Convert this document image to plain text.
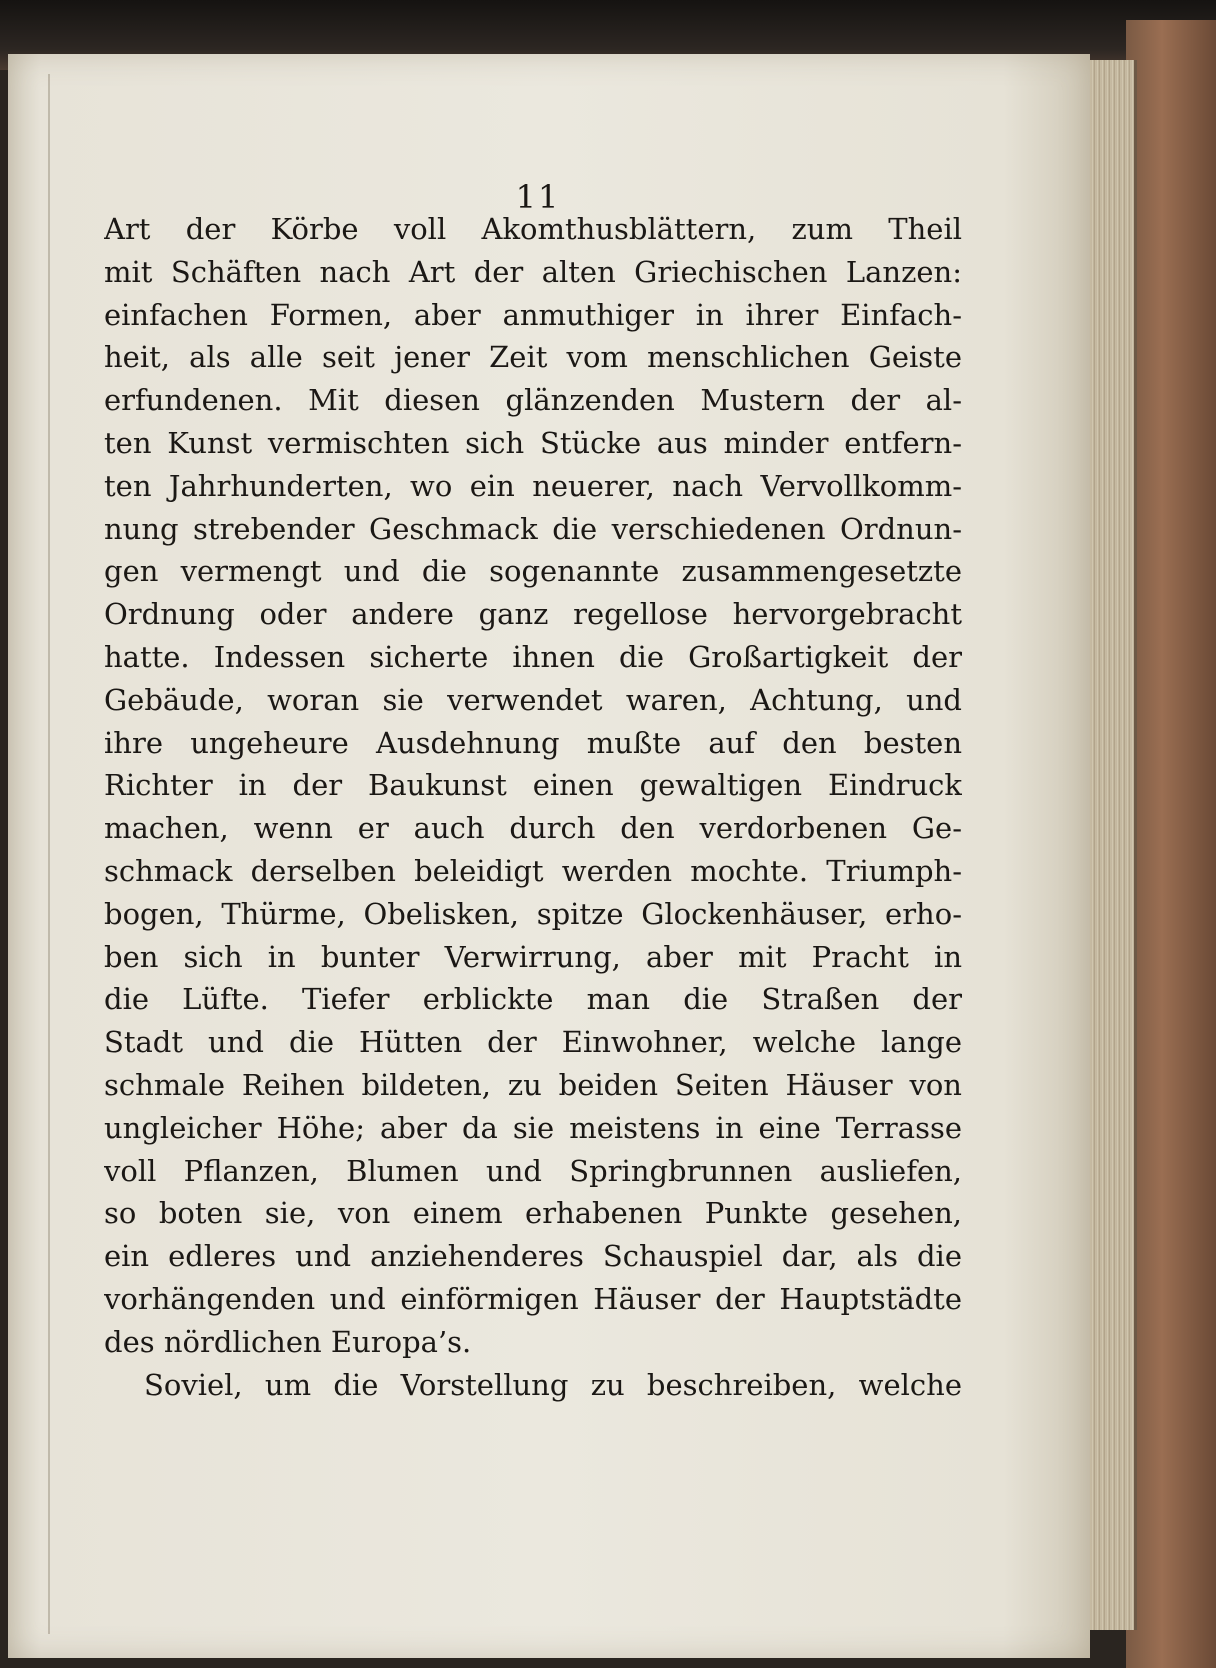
11
Art der Körbe voll Akomthusblättern, zum Theil
mit Schäften nach Art der alten Griechischen Lanzen:
einfachen Formen, aber anmuthiger in ihrer Einfach-
heit, als alle seit jener Zeit vom menschlichen Geiste
erfundenen. Mit diesen glänzenden Mustern der al-
ten Kunst vermischten sich Stücke aus minder entfern-
ten Jahrhunderten, wo ein neuerer, nach Vervollkomm-
nung strebender Geschmack die verschiedenen Ordnun-
gen vermengt und die sogenannte zusammengesetzte
Ordnung oder andere ganz regellose hervorgebracht
hatte. Indessen sicherte ihnen die Großartigkeit der
Gebäude, woran sie verwendet waren, Achtung, und
ihre ungeheure Ausdehnung mußte auf den besten
Richter in der Baukunst einen gewaltigen Eindruck
machen, wenn er auch durch den verdorbenen Ge-
schmack derselben beleidigt werden mochte. Triumph-
bogen, Thürme, Obelisken, spitze Glockenhäuser, erho-
ben sich in bunter Verwirrung, aber mit Pracht in
die Lüfte. Tiefer erblickte man die Straßen der
Stadt und die Hütten der Einwohner, welche lange
schmale Reihen bildeten, zu beiden Seiten Häuser von
ungleicher Höhe; aber da sie meistens in eine Terrasse
voll Pflanzen, Blumen und Springbrunnen ausliefen,
so boten sie, von einem erhabenen Punkte gesehen,
ein edleres und anziehenderes Schauspiel dar, als die
vorhängenden und einförmigen Häuser der Hauptstädte
des nördlichen Europa’s.
Soviel, um die Vorstellung zu beschreiben, welche
